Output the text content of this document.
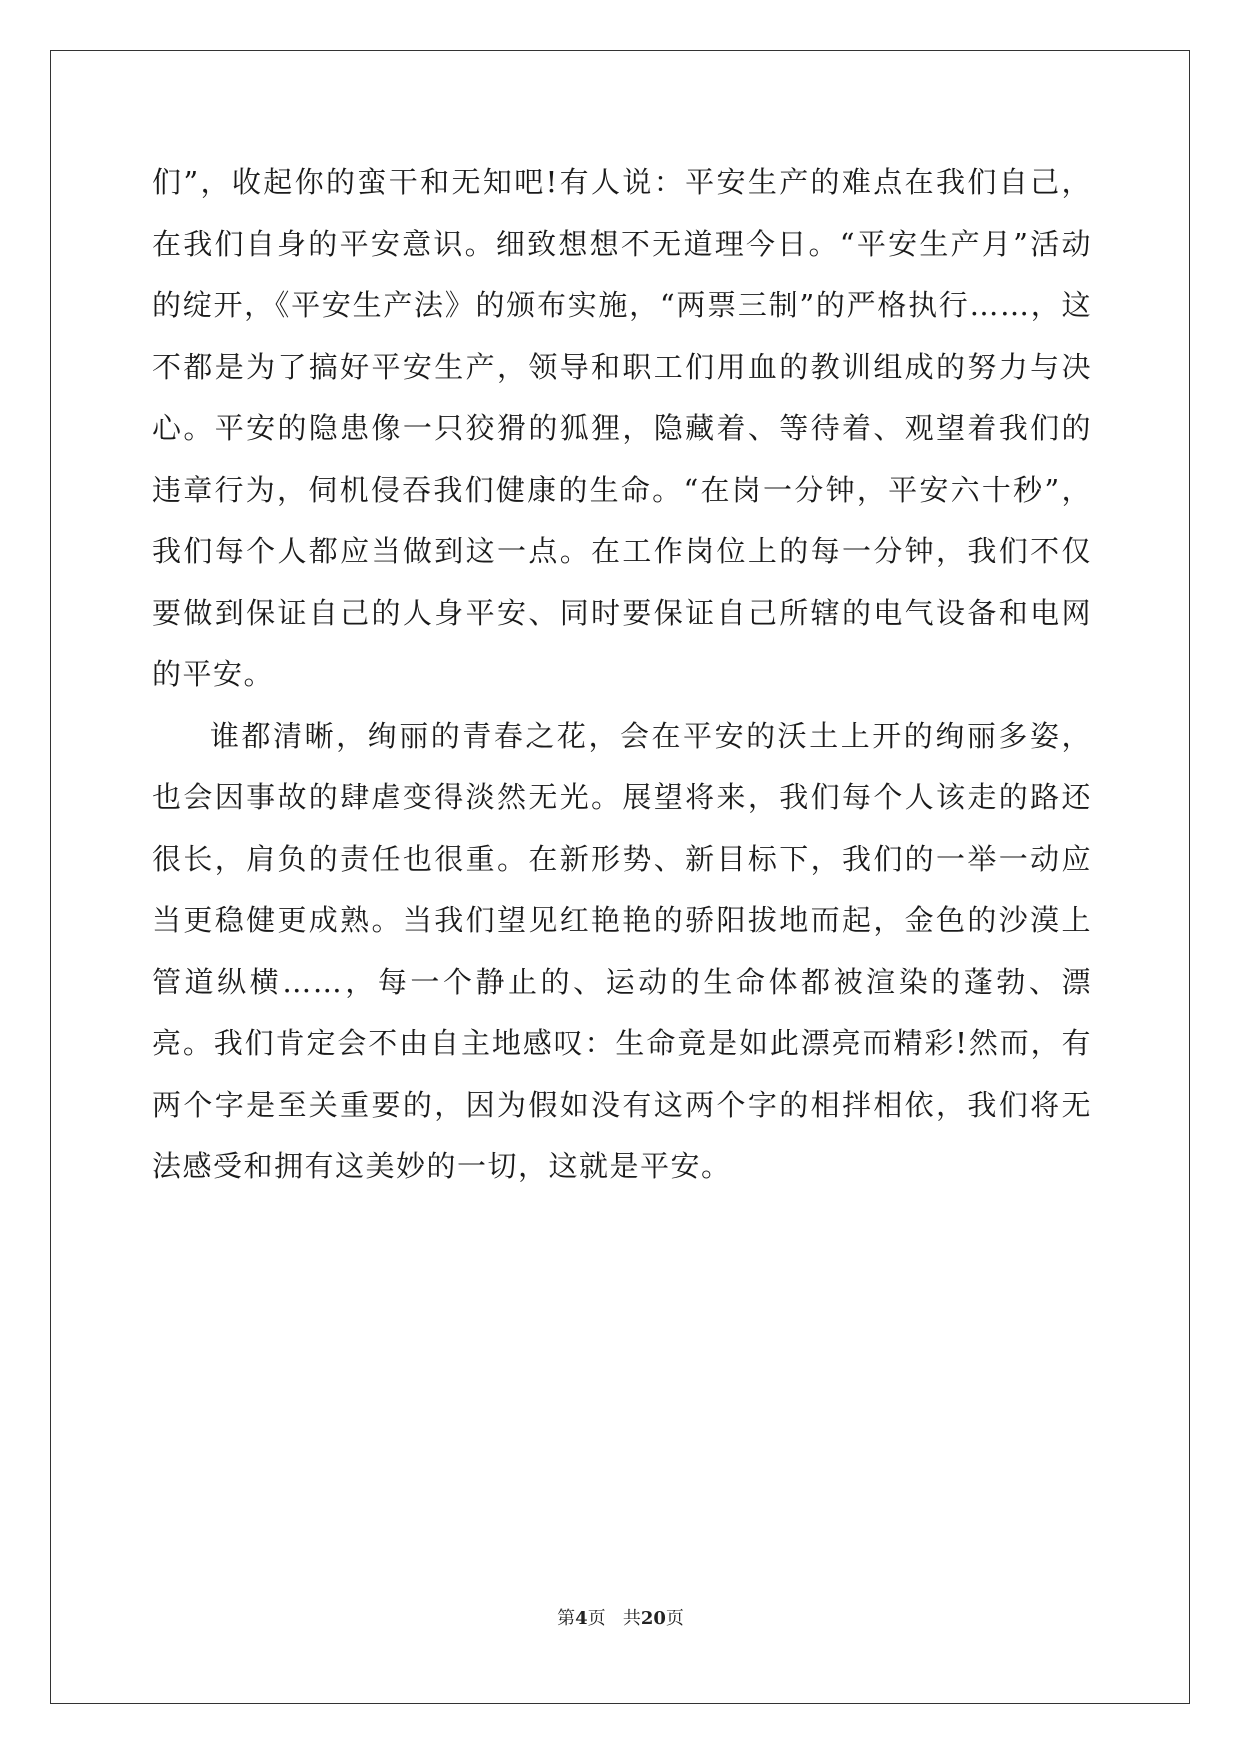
们”，收起你的蛮干和无知吧!有人说：平安生产的难点在我们自己，在我们自身的平安意识。细致想想不无道理今日。“平安生产月”活动的绽开，《平安生产法》的颁布实施，“两票三制”的严格执行……，这不都是为了搞好平安生产，领导和职工们用血的教训组成的努力与决心。平安的隐患像一只狡猾的狐狸，隐藏着、等待着、观望着我们的违章行为，伺机侵吞我们健康的生命。“在岗一分钟，平安六十秒”，我们每个人都应当做到这一点。在工作岗位上的每一分钟，我们不仅要做到保证自己的人身平安、同时要保证自己所辖的电气设备和电网的平安。

谁都清晰，绚丽的青春之花，会在平安的沃土上开的绚丽多姿，也会因事故的肆虐变得淡然无光。展望将来，我们每个人该走的路还很长，肩负的责任也很重。在新形势、新目标下，我们的一举一动应当更稳健更成熟。当我们望见红艳艳的骄阳拔地而起，金色的沙漠上管道纵横……，每一个静止的、运动的生命体都被渲染的蓬勃、漂亮。我们肯定会不由自主地感叹：生命竟是如此漂亮而精彩!然而，有两个字是至关重要的，因为假如没有这两个字的相拌相依，我们将无法感受和拥有这美妙的一切，这就是平安。

第4页 共20页
